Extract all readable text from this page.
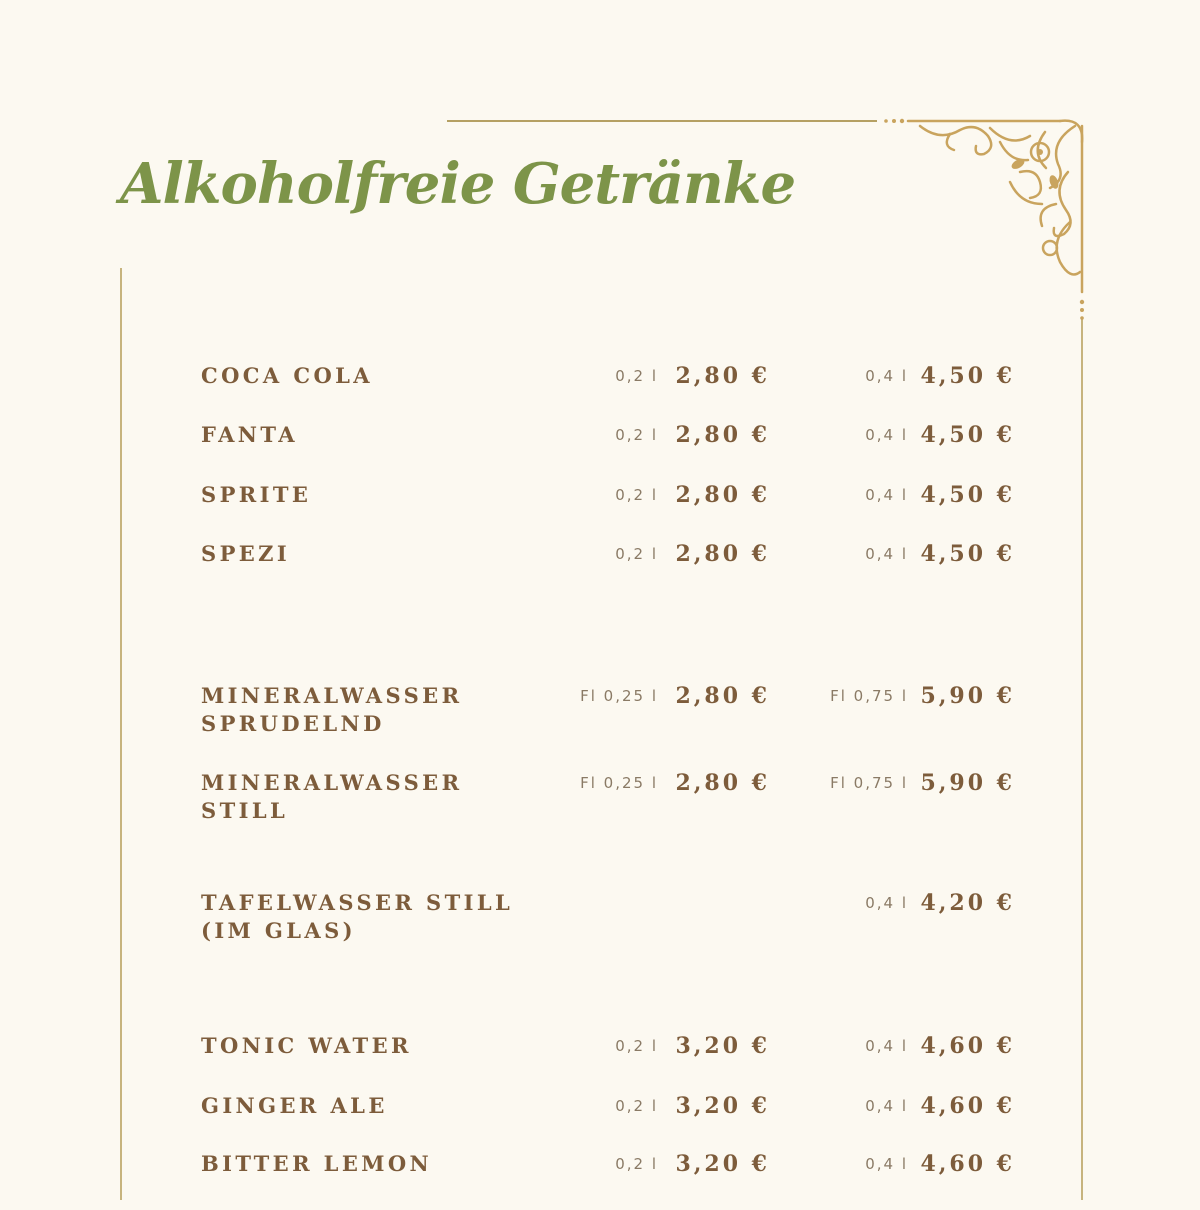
Alkoholfreie Getränke
COCA COLA	0,2 l 2,80 €	0,4 l 4,50 €
FANTA	0,2 l 2,80 €	0,4 l 4,50 €
SPRITE	0,2 l 2,80 €	0,4 l 4,50 €
SPEZI	0,2 l 2,80 €	0,4 l 4,50 €
MINERALWASSER
SPRUDELND
Fl 0,25 l 2,80 €	Fl 0,75 l 5,90 €
MINERALWASSER
STILL
Fl 0,25 l 2,80 €	Fl 0,75 l 5,90 €
TAFELWASSER STILL
(IM GLAS)
0,4 l 4,20 €
TONIC WATER	0,2 l 3,20 €	0,4 l 4,60 €
GINGER ALE	0,2 l 3,20 €	0,4 l 4,60 €
BITTER LEMON	0,2 l 3,20 €	0,4 l 4,60 €
